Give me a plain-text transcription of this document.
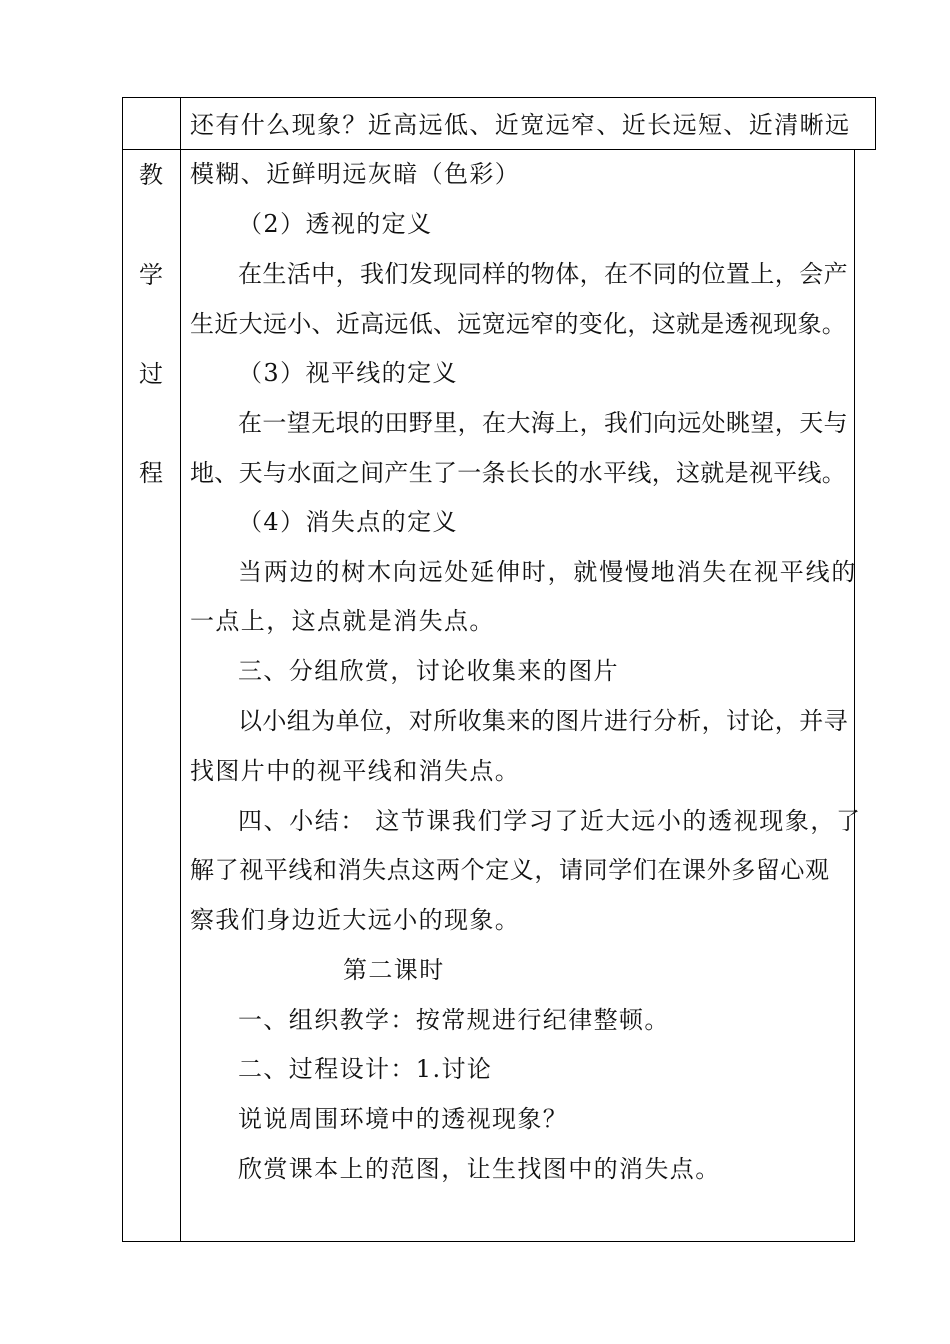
教
学
过
程
还有什么现象？近高远低、近宽远窄、近长远短、近清晰远
模糊、近鲜明远灰暗（色彩）
（2）透视的定义
在生活中，我们发现同样的物体，在不同的位置上，会产
生近大远小、近高远低、远宽远窄的变化，这就是透视现象。
（3）视平线的定义
在一望无垠的田野里，在大海上，我们向远处眺望，天与
地、天与水面之间产生了一条长长的水平线，这就是视平线。
（4）消失点的定义
当两边的树木向远处延伸时，就慢慢地消失在视平线的
一点上，这点就是消失点。
三、分组欣赏，讨论收集来的图片
以小组为单位，对所收集来的图片进行分析，讨论，并寻
找图片中的视平线和消失点。
四、小结： 这节课我们学习了近大远小的透视现象，了
解了视平线和消失点这两个定义，请同学们在课外多留心观
察我们身边近大远小的现象。
第二课时
一、组织教学：按常规进行纪律整顿。
二、过程设计：1.讨论
说说周围环境中的透视现象？
欣赏课本上的范图，让生找图中的消失点。
